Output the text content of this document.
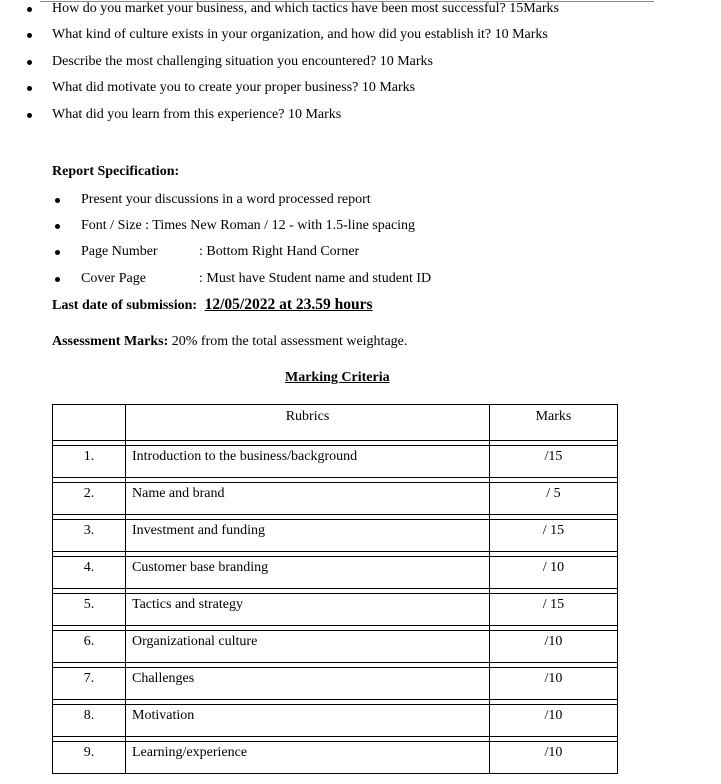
How do you market your business, and which tactics have been most successful? 15Marks
What kind of culture exists in your organization, and how did you establish it? 10 Marks
Describe the most challenging situation you encountered? 10 Marks
What did motivate you to create your proper business? 10 Marks
What did you learn from this experience? 10 Marks
Report Specification:
Present your discussions in a word processed report
Font / Size : Times New Roman / 12 - with 1.5-line spacing
Page Number	: Bottom Right Hand Corner
Cover Page	: Must have Student name and student ID
Last date of submission: 12/05/2022 at 23.59 hours
Assessment Marks: 20% from the total assessment weightage.
Marking Criteria
	Rubrics	Marks

1.	Introduction to the business/background	/15

2.	Name and brand	/ 5

3.	Investment and funding	/ 15

4.	Customer base branding	/ 10

5.	Tactics and strategy	/ 15

6.	Organizational culture	/10

7.	Challenges	/10

8.	Motivation	/10

9.	Learning/experience	/10
